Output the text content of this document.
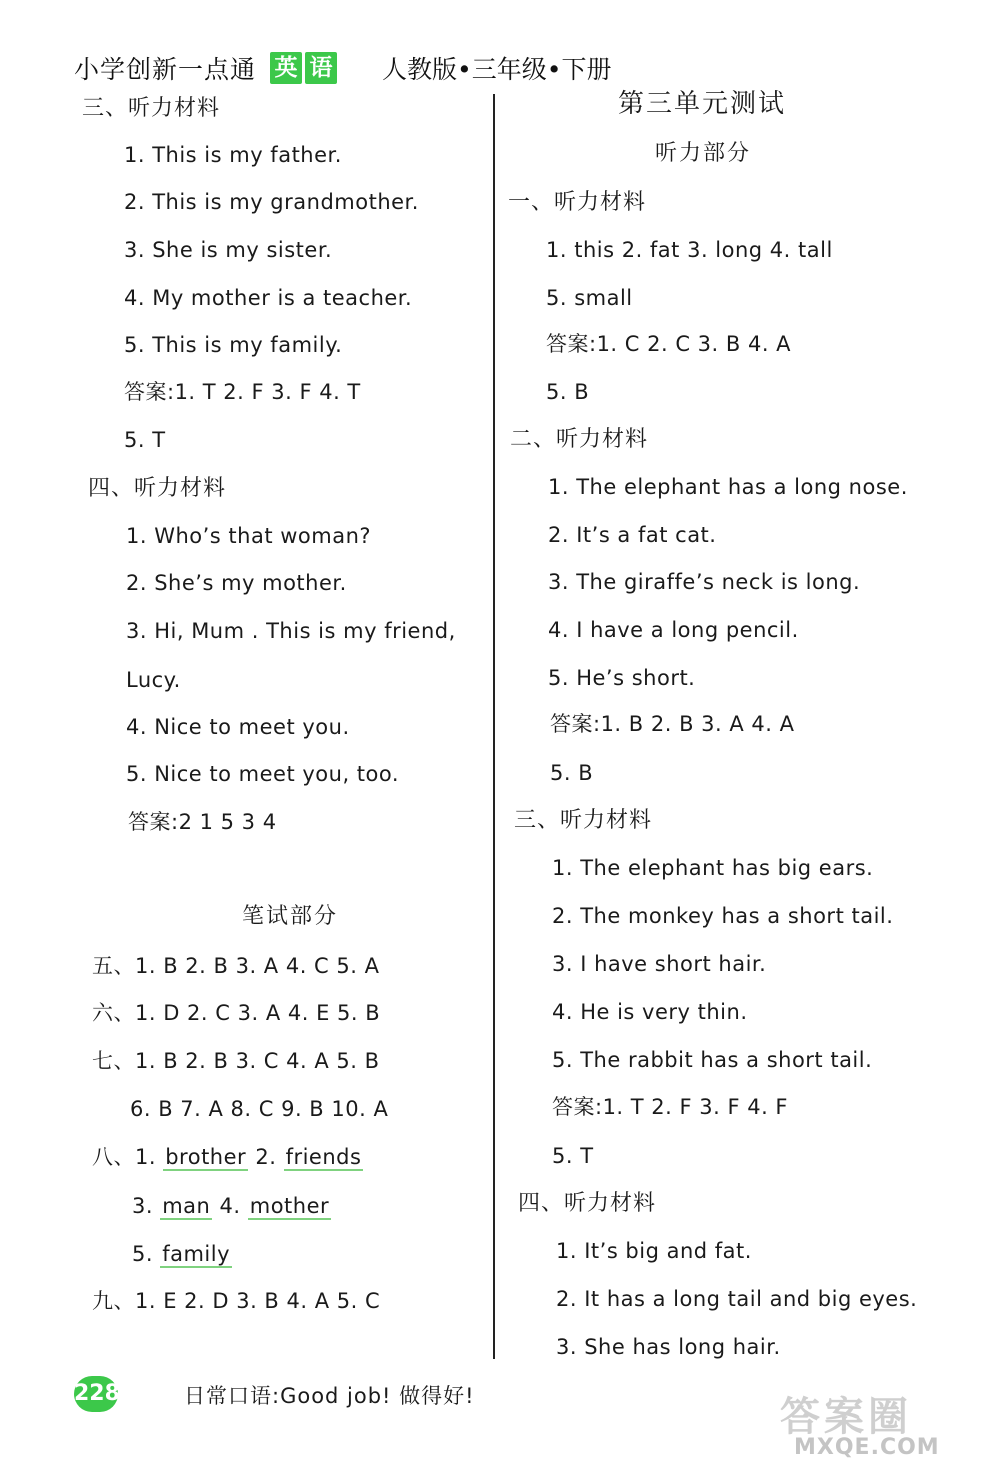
小学创新一点通 英 语 人教版•三年级•下册
三、听力材料
1. This is my father.
2. This is my grandmother.
3. She is my sister.
4. My mother is a teacher.
5. This is my family.
答案:1. T 2. F 3. F 4. T
5. T
四、听力材料
1. Who’s that woman?
2. She’s my mother.
3. Hi, Mum . This is my friend,
Lucy.
4. Nice to meet you.
5. Nice to meet you, too.
答案:2 1 5 3 4
笔试部分
五、1. B 2. B 3. A 4. C 5. A
六、1. D 2. C 3. A 4. E 5. B
七、1. B 2. B 3. C 4. A 5. B
6. B 7. A 8. C 9. B 10. A
八、1. brother 2. friends
3. man 4. mother
5. family
九、1. E 2. D 3. B 4. A 5. C
第三单元测试
听力部分
一、听力材料
1. this 2. fat 3. long 4. tall
5. small
答案:1. C 2. C 3. B 4. A
5. B
二、听力材料
1. The elephant has a long nose.
2. It’s a fat cat.
3. The giraffe’s neck is long.
4. I have a long pencil.
5. He’s short.
答案:1. B 2. B 3. A 4. A
5. B
三、听力材料
1. The elephant has big ears.
2. The monkey has a short tail.
3. I have short hair.
4. He is very thin.
5. The rabbit has a short tail.
答案:1. T 2. F 3. F 4. F
5. T
四、听力材料
1. It’s big and fat.
2. It has a long tail and big eyes.
3. She has long hair.
228	日常口语:Good job! 做得好!	答案圈
MXQE.COM
